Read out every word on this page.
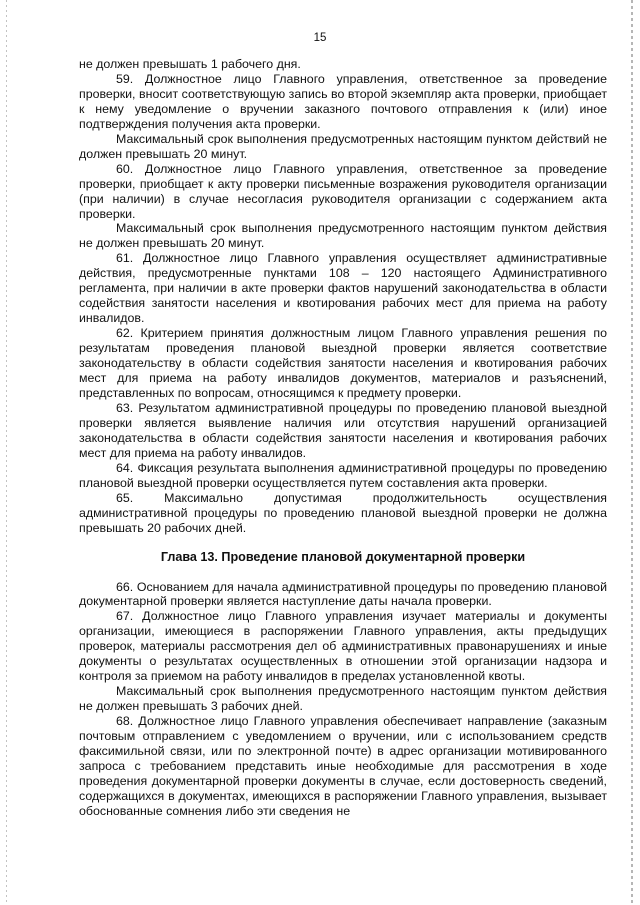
15

не должен превышать 1 рабочего дня.

59. Должностное лицо Главного управления, ответственное за проведение проверки, вносит соответствующую запись во второй экземпляр акта проверки, приобщает к нему уведомление о вручении заказного почтового отправления к (или) иное подтверждения получения акта проверки.

Максимальный срок выполнения предусмотренных настоящим пунктом действий не должен превышать 20 минут.

60. Должностное лицо Главного управления, ответственное за проведение проверки, приобщает к акту проверки письменные возражения руководителя организации (при наличии) в случае несогласия руководителя организации с содержанием акта проверки.

Максимальный срок выполнения предусмотренного настоящим пунктом действия не должен превышать 20 минут.

61. Должностное лицо Главного управления осуществляет административные действия, предусмотренные пунктами 108 – 120 настоящего Административного регламента, при наличии в акте проверки фактов нарушений законодательства в области содействия занятости населения и квотирования рабочих мест для приема на работу инвалидов.

62. Критерием принятия должностным лицом Главного управления решения по результатам проведения плановой выездной проверки является соответствие законодательству в области содействия занятости населения и квотирования рабочих мест для приема на работу инвалидов документов, материалов и разъяснений, представленных по вопросам, относящимся к предмету проверки.

63. Результатом административной процедуры по проведению плановой выездной проверки является выявление наличия или отсутствия нарушений организацией законодательства в области содействия занятости населения и квотирования рабочих мест для приема на работу инвалидов.

64. Фиксация результата выполнения административной процедуры по проведению плановой выездной проверки осуществляется путем составления акта проверки.

65. Максимально допустимая продолжительность осуществления административной процедуры по проведению плановой выездной проверки не должна превышать 20 рабочих дней.

Глава 13. Проведение плановой документарной проверки

66. Основанием для начала административной процедуры по проведению плановой документарной проверки является наступление даты начала проверки.

67. Должностное лицо Главного управления изучает материалы и документы организации, имеющиеся в распоряжении Главного управления, акты предыдущих проверок, материалы рассмотрения дел об административных правонарушениях и иные документы о результатах осуществленных в отношении этой организации надзора и контроля за приемом на работу инвалидов в пределах установленной квоты.

Максимальный срок выполнения предусмотренного настоящим пунктом действия не должен превышать 3 рабочих дней.

68. Должностное лицо Главного управления обеспечивает направление (заказным почтовым отправлением с уведомлением о вручении, или с использованием средств факсимильной связи, или по электронной почте) в адрес организации мотивированного запроса с требованием представить иные необходимые для рассмотрения в ходе проведения документарной проверки документы в случае, если достоверность сведений, содержащихся в документах, имеющихся в распоряжении Главного управления, вызывает обоснованные сомнения либо эти сведения не
